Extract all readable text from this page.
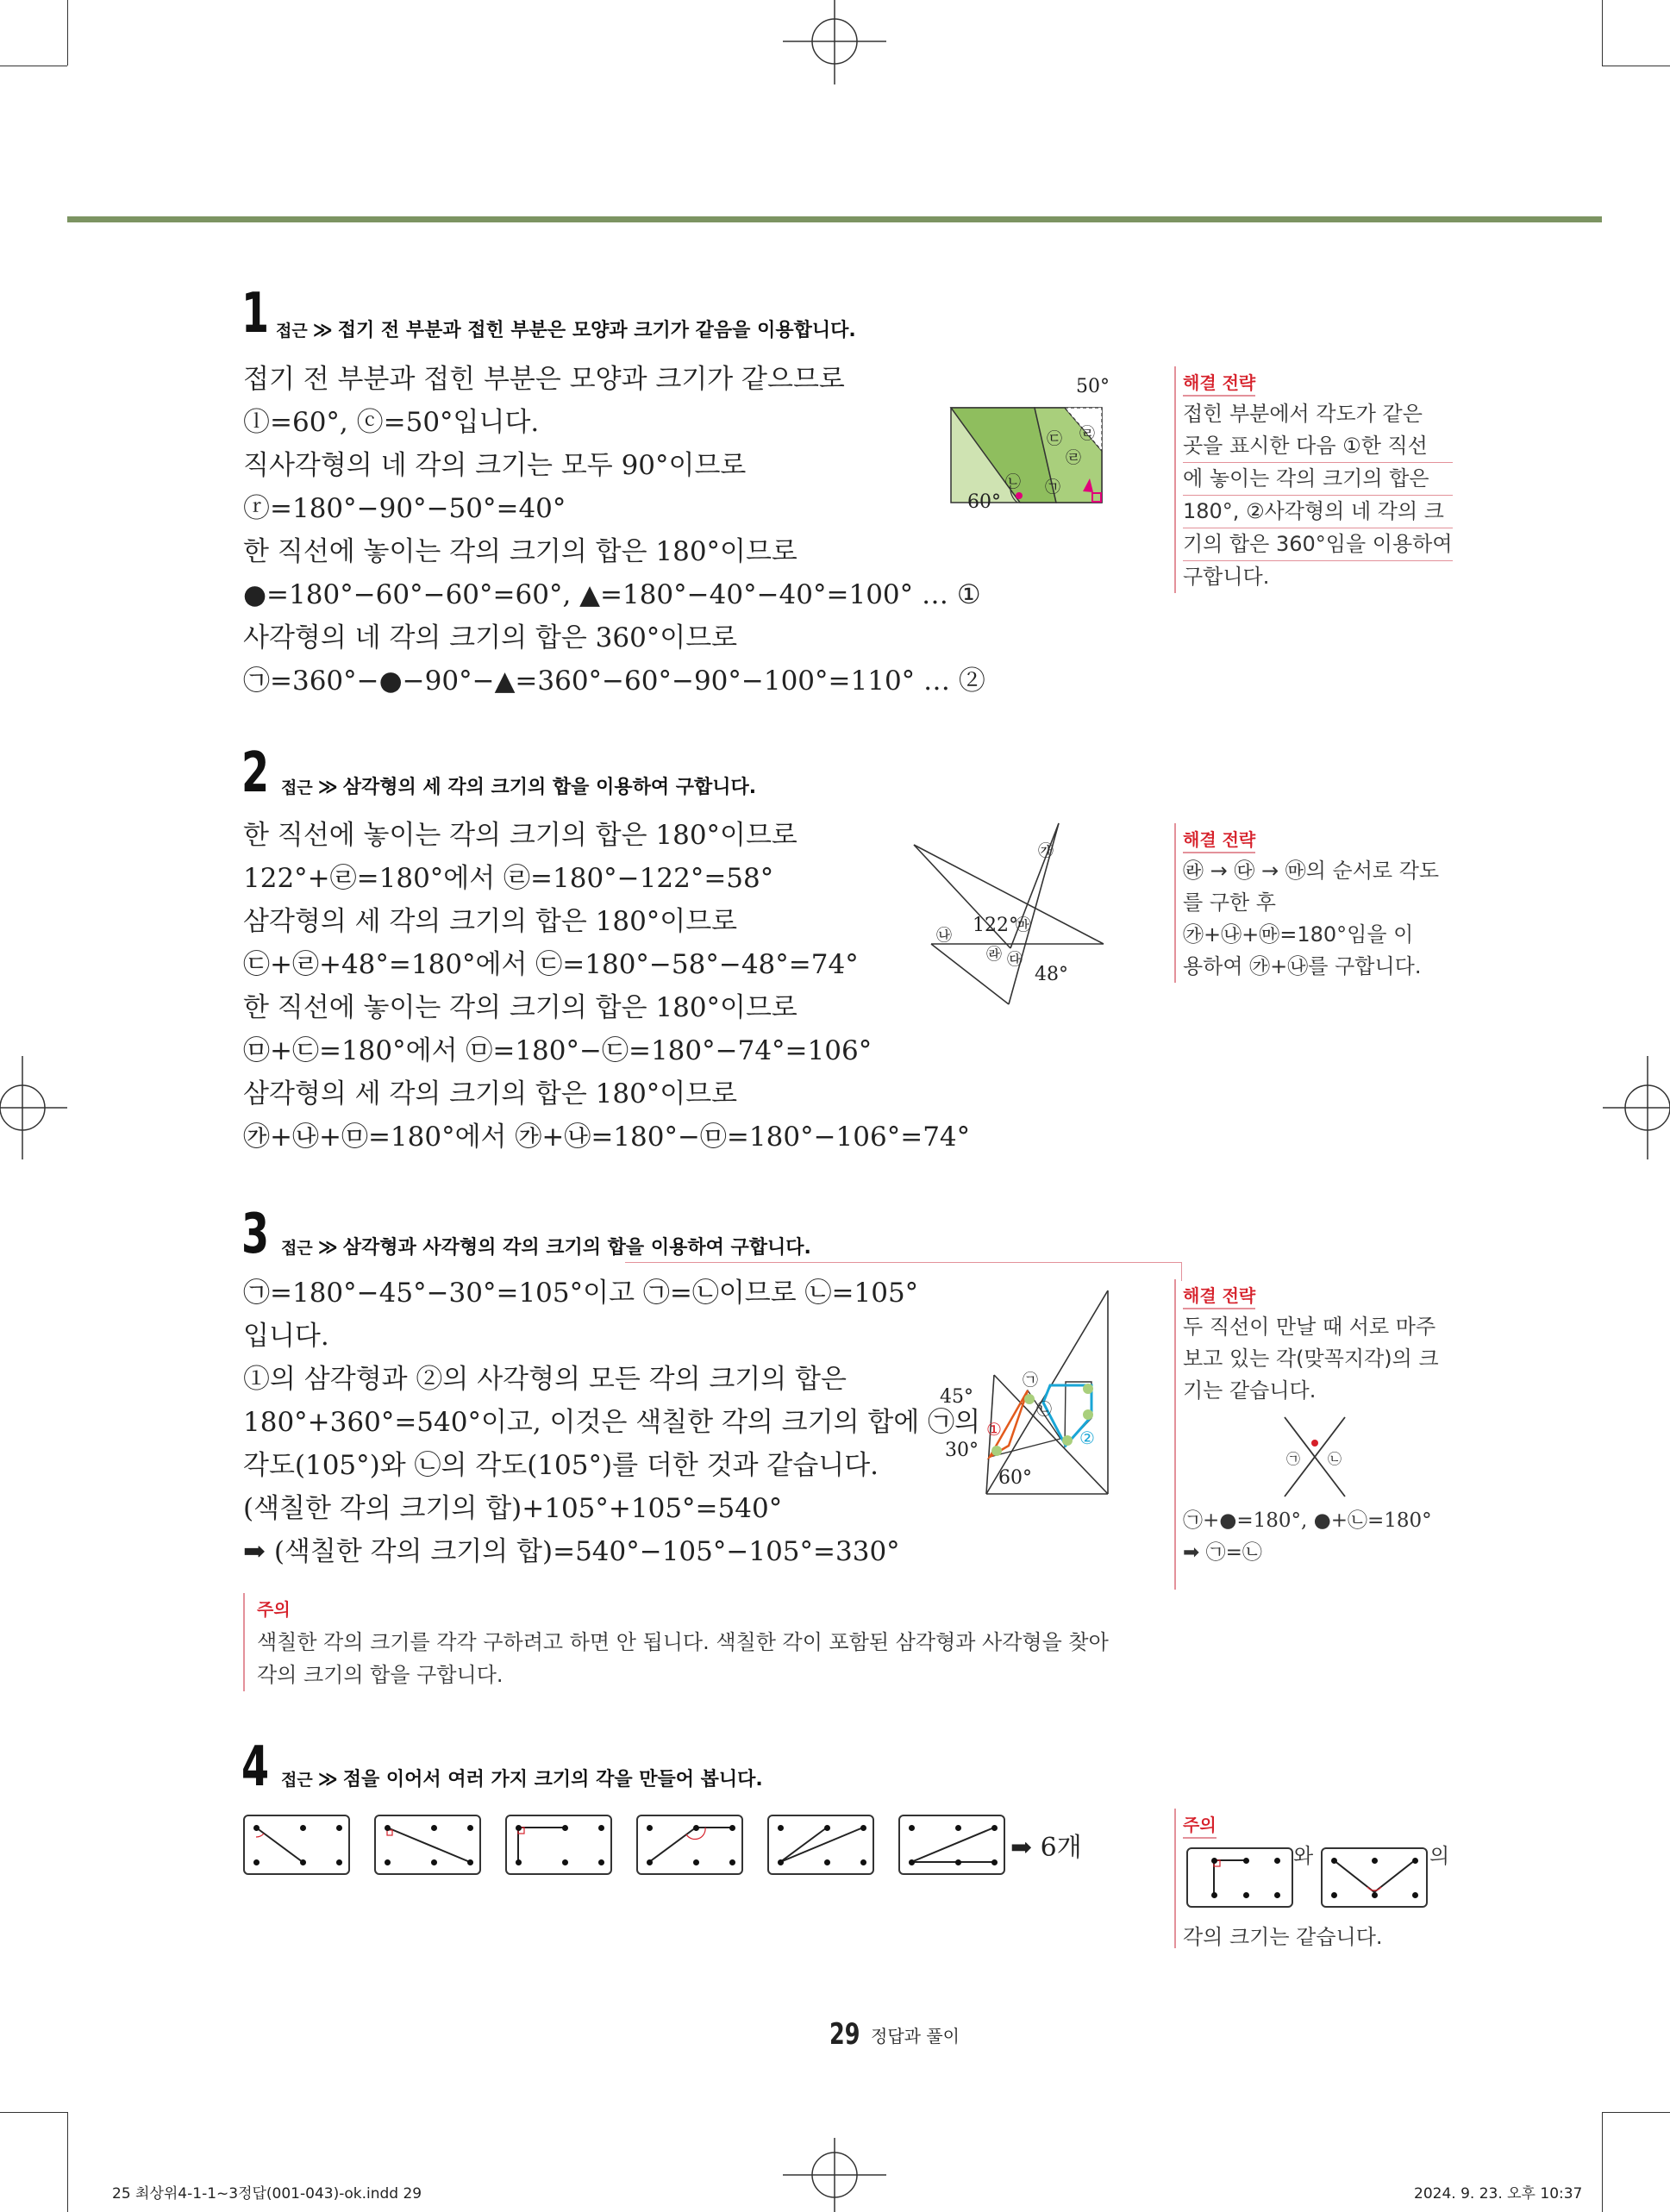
1 접근 ≫ 접기 전 부분과 접힌 부분은 모양과 크기가 같음을 이용합니다.
접기 전 부분과 접힌 부분은 모양과 크기가 같으므로
ⓛ=60°, ⓒ=50°입니다.
직사각형의 네 각의 크기는 모두 90°이므로
ⓡ=180°−90°−50°=40°
한 직선에 놓이는 각의 크기의 합은 180°이므로
●=180°−60°−60°=60°, ▲=180°−40°−40°=100° … ①
사각형의 네 각의 크기의 합은 360°이므로
㉠=360°−●−90°−▲=360°−60°−90°−100°=110° … ②
50°
60°
㉢ ㉣
㉣
㉡ ㉠
해결 전략
접힌 부분에서 각도가 같은
곳을 표시한 다음 ①한 직선
에 놓이는 각의 크기의 합은
180°, ②사각형의 네 각의 크
기의 합은 360°임을 이용하여
구합니다.
2 접근 ≫ 삼각형의 세 각의 크기의 합을 이용하여 구합니다.
한 직선에 놓이는 각의 크기의 합은 180°이므로
122°+㉣=180°에서 ㉣=180°−122°=58°
삼각형의 세 각의 크기의 합은 180°이므로
㉢+㉣+48°=180°에서 ㉢=180°−58°−48°=74°
한 직선에 놓이는 각의 크기의 합은 180°이므로
㉤+㉢=180°에서 ㉤=180°−㉢=180°−74°=106°
삼각형의 세 각의 크기의 합은 180°이므로
㉮+㉯+㉤=180°에서 ㉮+㉯=180°−㉤=180°−106°=74°
㉮
㉯ 122°
㉲
㉱ ㉰
48°
해결 전략
㉱ → ㉰ → ㉲의 순서로 각도
를 구한 후
㉮+㉯+㉲=180°임을 이
용하여 ㉮+㉯를 구합니다.
3 접근 ≫ 삼각형과 사각형의 각의 크기의 합을 이용하여 구합니다.
㉠=180°−45°−30°=105°이고 ㉠=㉡이므로 ㉡=105°
입니다.
①의 삼각형과 ②의 사각형의 모든 각의 크기의 합은
180°+360°=540°이고, 이것은 색칠한 각의 크기의 합에 ㉠의
각도(105°)와 ㉡의 각도(105°)를 더한 것과 같습니다.
(색칠한 각의 크기의 합)+105°+105°=540°
➡ (색칠한 각의 크기의 합)=540°−105°−105°=330°
45°
30°
60°
㉠
㉡
①	②
주의
색칠한 각의 크기를 각각 구하려고 하면 안 됩니다. 색칠한 각이 포함된 삼각형과 사각형을 찾아
각의 크기의 합을 구합니다.
해결 전략
두 직선이 만날 때 서로 마주
보고 있는 각(맞꼭지각)의 크
기는 같습니다.
㉠ ㉡
㉠+●=180°, ●+㉡=180°
➡ ㉠=㉡
4 접근 ≫ 점을 이어서 여러 가지 크기의 각을 만들어 봅니다.
➡ 6개
주의
와	의
각의 크기는 같습니다.
29 정답과 풀이
25 최상위4-1-1~3정답(001-043)-ok.indd 29	2024. 9. 23. 오후 10:37
